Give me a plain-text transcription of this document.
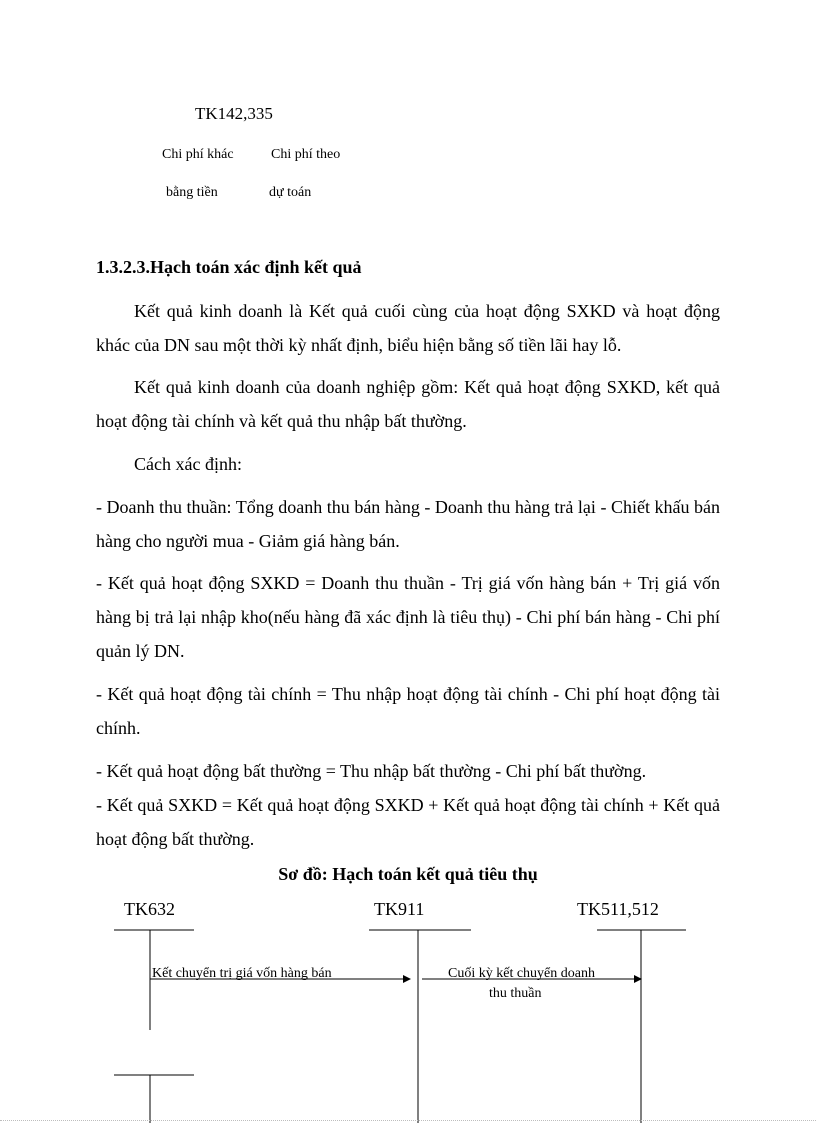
TK142,335
Chi phí khác
bằng tiền
Chi phí theo
dự toán
1.3.2.3.Hạch toán xác định kết quả
Kết quả kinh doanh là Kết quả cuối cùng của hoạt động SXKD và hoạt động khác của DN sau một thời kỳ nhất định, biểu hiện bằng số tiền lãi hay lỗ.
Kết quả kinh doanh của doanh nghiệp gồm: Kết quả hoạt động SXKD, kết quả hoạt động tài chính và kết quả thu nhập bất thường.
Cách xác định:
- Doanh thu thuần: Tổng doanh thu bán hàng - Doanh thu hàng trả lại - Chiết khấu bán hàng cho người mua - Giảm giá hàng bán.
- Kết quả hoạt động SXKD = Doanh thu thuần - Trị giá vốn hàng bán + Trị giá vốn hàng bị trả lại nhập kho(nếu hàng đã xác định là tiêu thụ) - Chi phí bán hàng - Chi phí quản lý DN.
- Kết quả hoạt động tài chính = Thu nhập hoạt động tài chính - Chi phí hoạt động tài chính.
- Kết quả hoạt động bất thường = Thu nhập bất thường - Chi phí bất thường.
- Kết quả SXKD = Kết quả hoạt động SXKD + Kết quả hoạt động tài chính + Kết quả hoạt động bất thường.
Sơ đồ: Hạch toán kết quả tiêu thụ
TK632	TK911	TK511,512
Kết chuyển trị giá vốn hàng bán	Cuối kỳ kết chuyển doanh
thu thuần
